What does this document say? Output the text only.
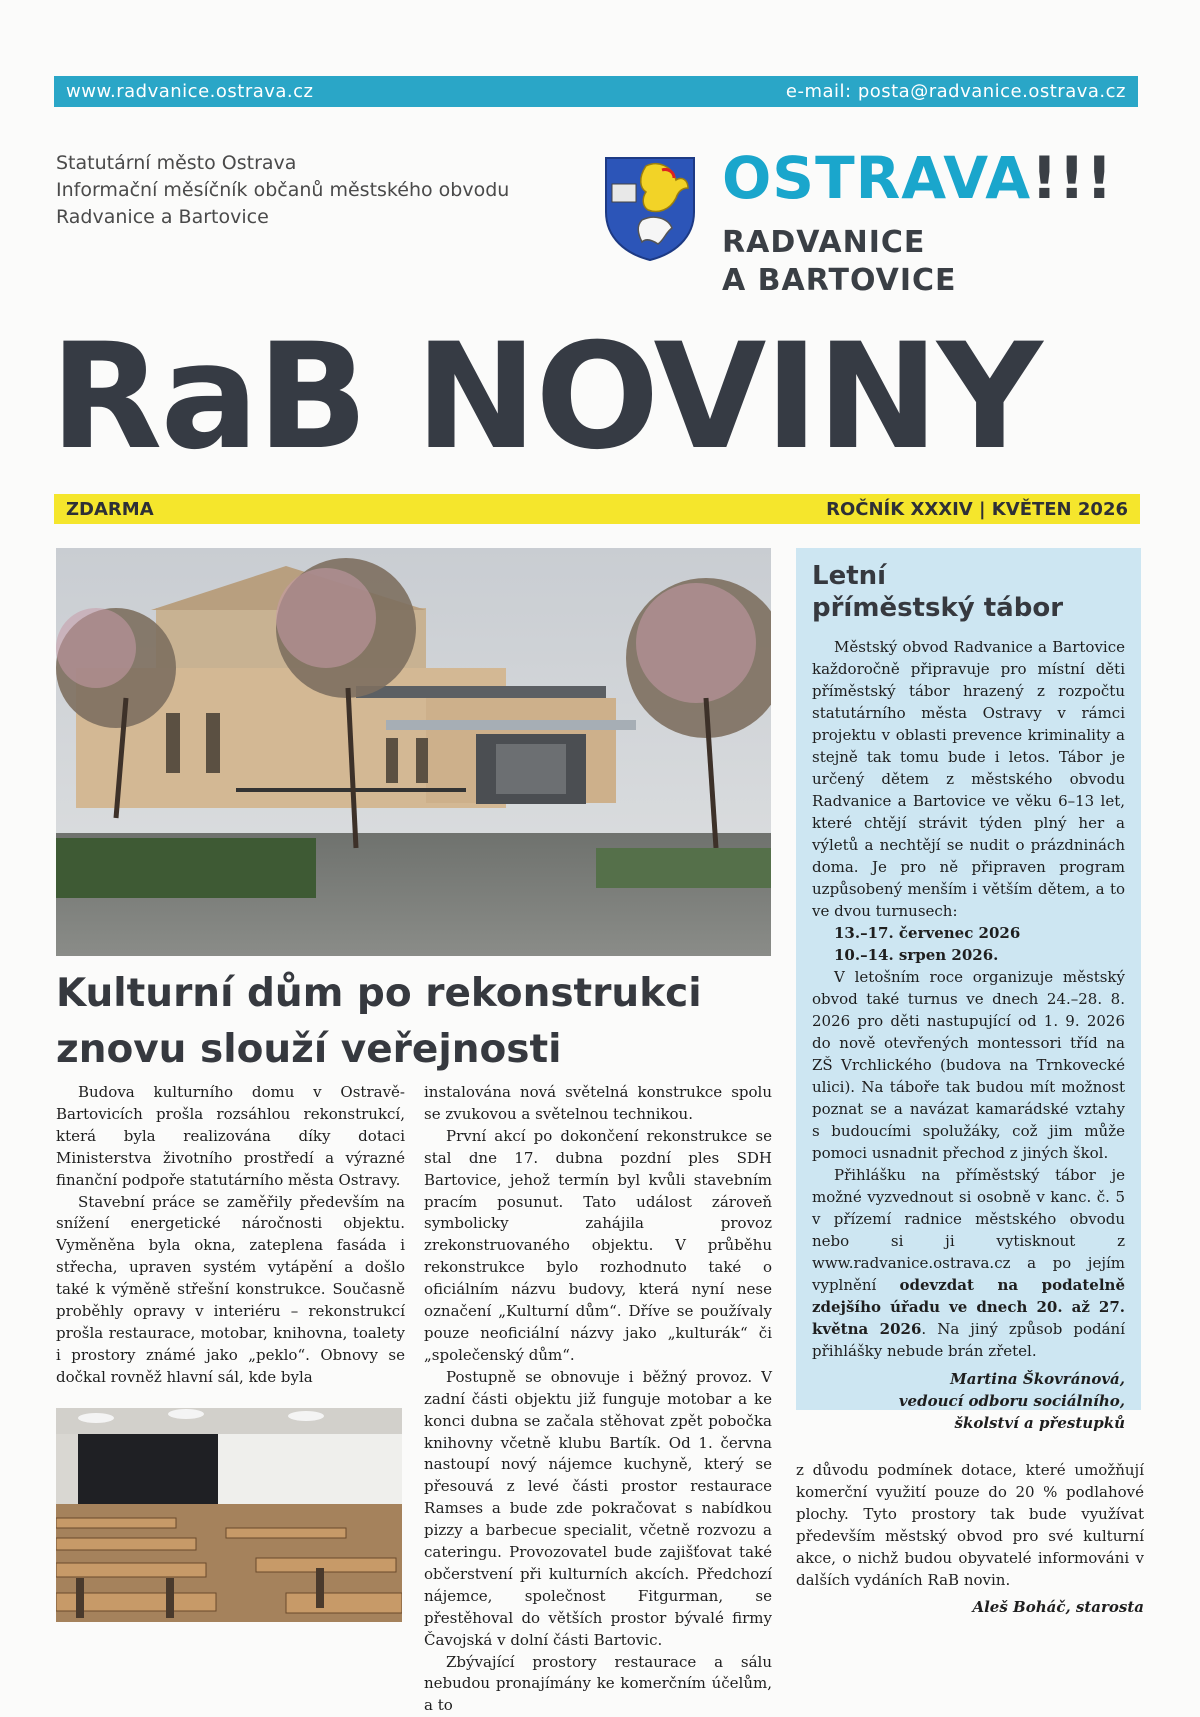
www.radvanice.ostrava.cz	e-mail: posta@radvanice.ostrava.cz
Statutární město Ostrava
Informační měsíčník občanů městského obvodu
Radvanice a Bartovice
OSTRAVA!!!
RADVANICE
A BARTOVICE
RaB NOVINY
ZDARMA	ROČNÍK XXXIV | KVĚTEN 2026
Kulturní dům po rekonstrukci
znovu slouží veřejnosti

Budova kulturního domu v Ostravě-Bartovicích prošla rozsáhlou rekonstrukcí, která byla realizována díky dotaci Ministerstva životního prostředí a výrazné finanční podpoře statutárního města Ostravy.

Stavební práce se zaměřily především na snížení energetické náročnosti objektu. Vyměněna byla okna, zateplena fasáda i střecha, upraven systém vytápění a došlo také k výměně střešní konstrukce. Současně proběhly opravy v interiéru – rekonstrukcí prošla restaurace, motobar, knihovna, toalety i prostory známé jako „peklo“. Obnovy se dočkal rovněž hlavní sál, kde byla

instalována nová světelná konstrukce spolu se zvukovou a světelnou technikou.

První akcí po dokončení rekonstrukce se stal dne 17. dubna pozdní ples SDH Bartovice, jehož termín byl kvůli stavebním pracím posunut. Tato událost zároveň symbolicky zahájila provoz zrekonstruovaného objektu. V průběhu rekonstrukce bylo rozhodnuto také o oficiálním názvu budovy, která nyní nese označení „Kulturní dům“. Dříve se používaly pouze neoficiální názvy jako „kulturák“ či „společenský dům“.

Postupně se obnovuje i běžný provoz. V zadní části objektu již funguje motobar a ke konci dubna se začala stěhovat zpět pobočka knihovny včetně klubu Bartík. Od 1. června nastoupí nový nájemce kuchyně, který se přesouvá z levé části prostor restaurace Ramses a bude zde pokračovat s nabídkou pizzy a barbecue specialit, včetně rozvozu a cateringu. Provozovatel bude zajišťovat také občerstvení při kulturních akcích. Předchozí nájemce, společnost Fitgurman, se přestěhoval do větších prostor bývalé firmy Čavojská v dolní části Bartovic.

Zbývající prostory restaurace a sálu nebudou pronajímány ke komerčním účelům, a to

Letní
příměstský tábor

Městský obvod Radvanice a Bartovice každoročně připravuje pro místní děti příměstský tábor hrazený z rozpočtu statutárního města Ostravy v rámci projektu v oblasti prevence kriminality a stejně tak tomu bude i letos. Tábor je určený dětem z městského obvodu Radvanice a Bartovice ve věku 6–13 let, které chtějí strávit týden plný her a výletů a nechtějí se nudit o prázdninách doma. Je pro ně připraven program uzpůsobený menším i větším dětem, a to ve dvou turnusech:

13.–17. červenec 2026
10.–14. srpen 2026.

V letošním roce organizuje městský obvod také turnus ve dnech 24.–28. 8. 2026 pro děti nastupující od 1. 9. 2026 do nově otevřených montessori tříd na ZŠ Vrchlického (budova na Trnkovecké ulici). Na táboře tak budou mít možnost poznat se a navázat kamarádské vztahy s budoucími spolužáky, což jim může pomoci usnadnit přechod z jiných škol.

Přihlášku na příměstský tábor je možné vyzvednout si osobně v kanc. č. 5 v přízemí radnice městského obvodu nebo si ji vytisknout z www.radvanice.ostrava.cz a po jejím vyplnění odevzdat na podatelně zdejšího úřadu ve dnech 20. až 27. května 2026. Na jiný způsob podání přihlášky nebude brán zřetel.

Martina Škovránová,
vedoucí odboru sociálního,
školství a přestupků

z důvodu podmínek dotace, které umožňují komerční využití pouze do 20 % podlahové plochy. Tyto prostory tak bude využívat především městský obvod pro své kulturní akce, o nichž budou obyvatelé informováni v dalších vydáních RaB novin.

Aleš Boháč, starosta
